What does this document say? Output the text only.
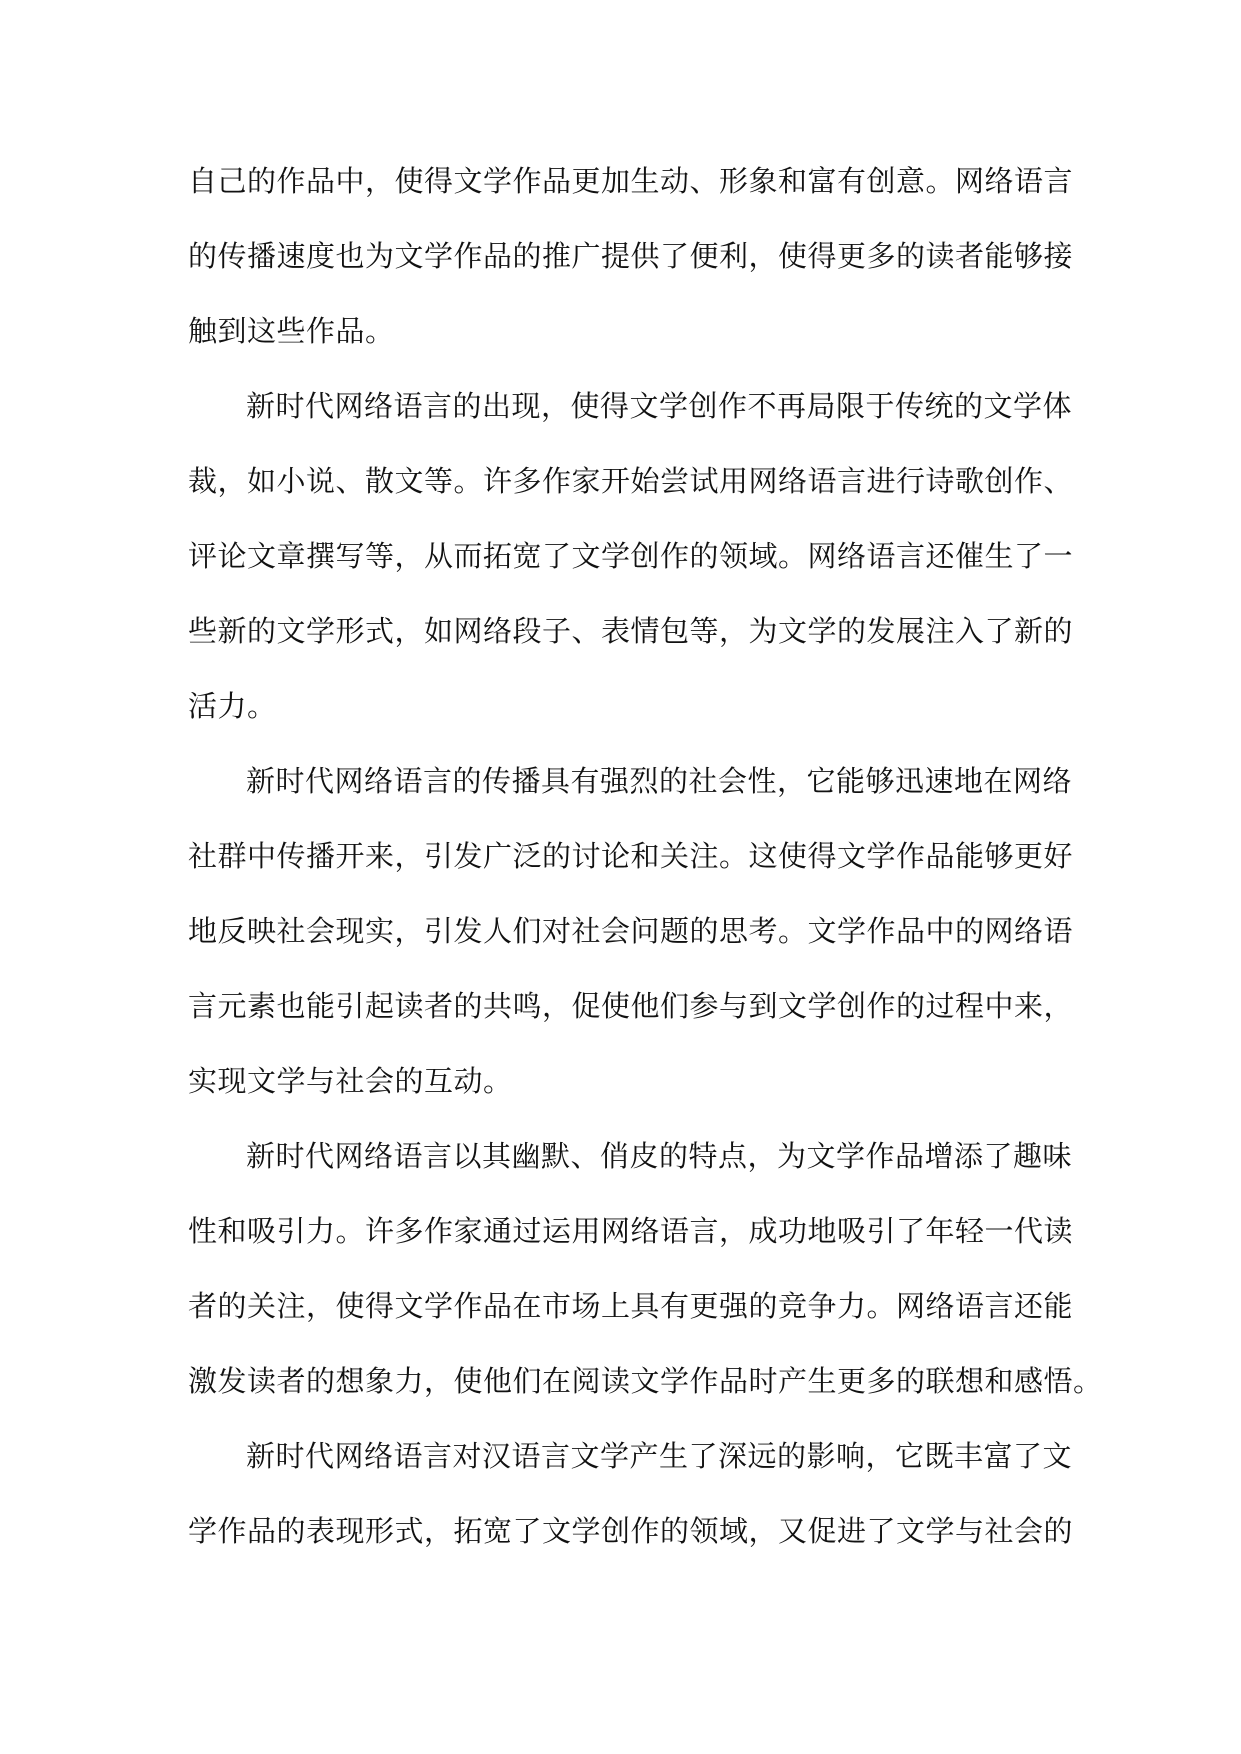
自己的作品中，使得文学作品更加生动、形象和富有创意。网络语言
的传播速度也为文学作品的推广提供了便利，使得更多的读者能够接
触到这些作品。
新时代网络语言的出现，使得文学创作不再局限于传统的文学体
裁，如小说、散文等。许多作家开始尝试用网络语言进行诗歌创作、
评论文章撰写等，从而拓宽了文学创作的领域。网络语言还催生了一
些新的文学形式，如网络段子、表情包等，为文学的发展注入了新的
活力。
新时代网络语言的传播具有强烈的社会性，它能够迅速地在网络
社群中传播开来，引发广泛的讨论和关注。这使得文学作品能够更好
地反映社会现实，引发人们对社会问题的思考。文学作品中的网络语
言元素也能引起读者的共鸣，促使他们参与到文学创作的过程中来，
实现文学与社会的互动。
新时代网络语言以其幽默、俏皮的特点，为文学作品增添了趣味
性和吸引力。许多作家通过运用网络语言，成功地吸引了年轻一代读
者的关注，使得文学作品在市场上具有更强的竞争力。网络语言还能
激发读者的想象力，使他们在阅读文学作品时产生更多的联想和感悟。
新时代网络语言对汉语言文学产生了深远的影响，它既丰富了文
学作品的表现形式，拓宽了文学创作的领域，又促进了文学与社会的
